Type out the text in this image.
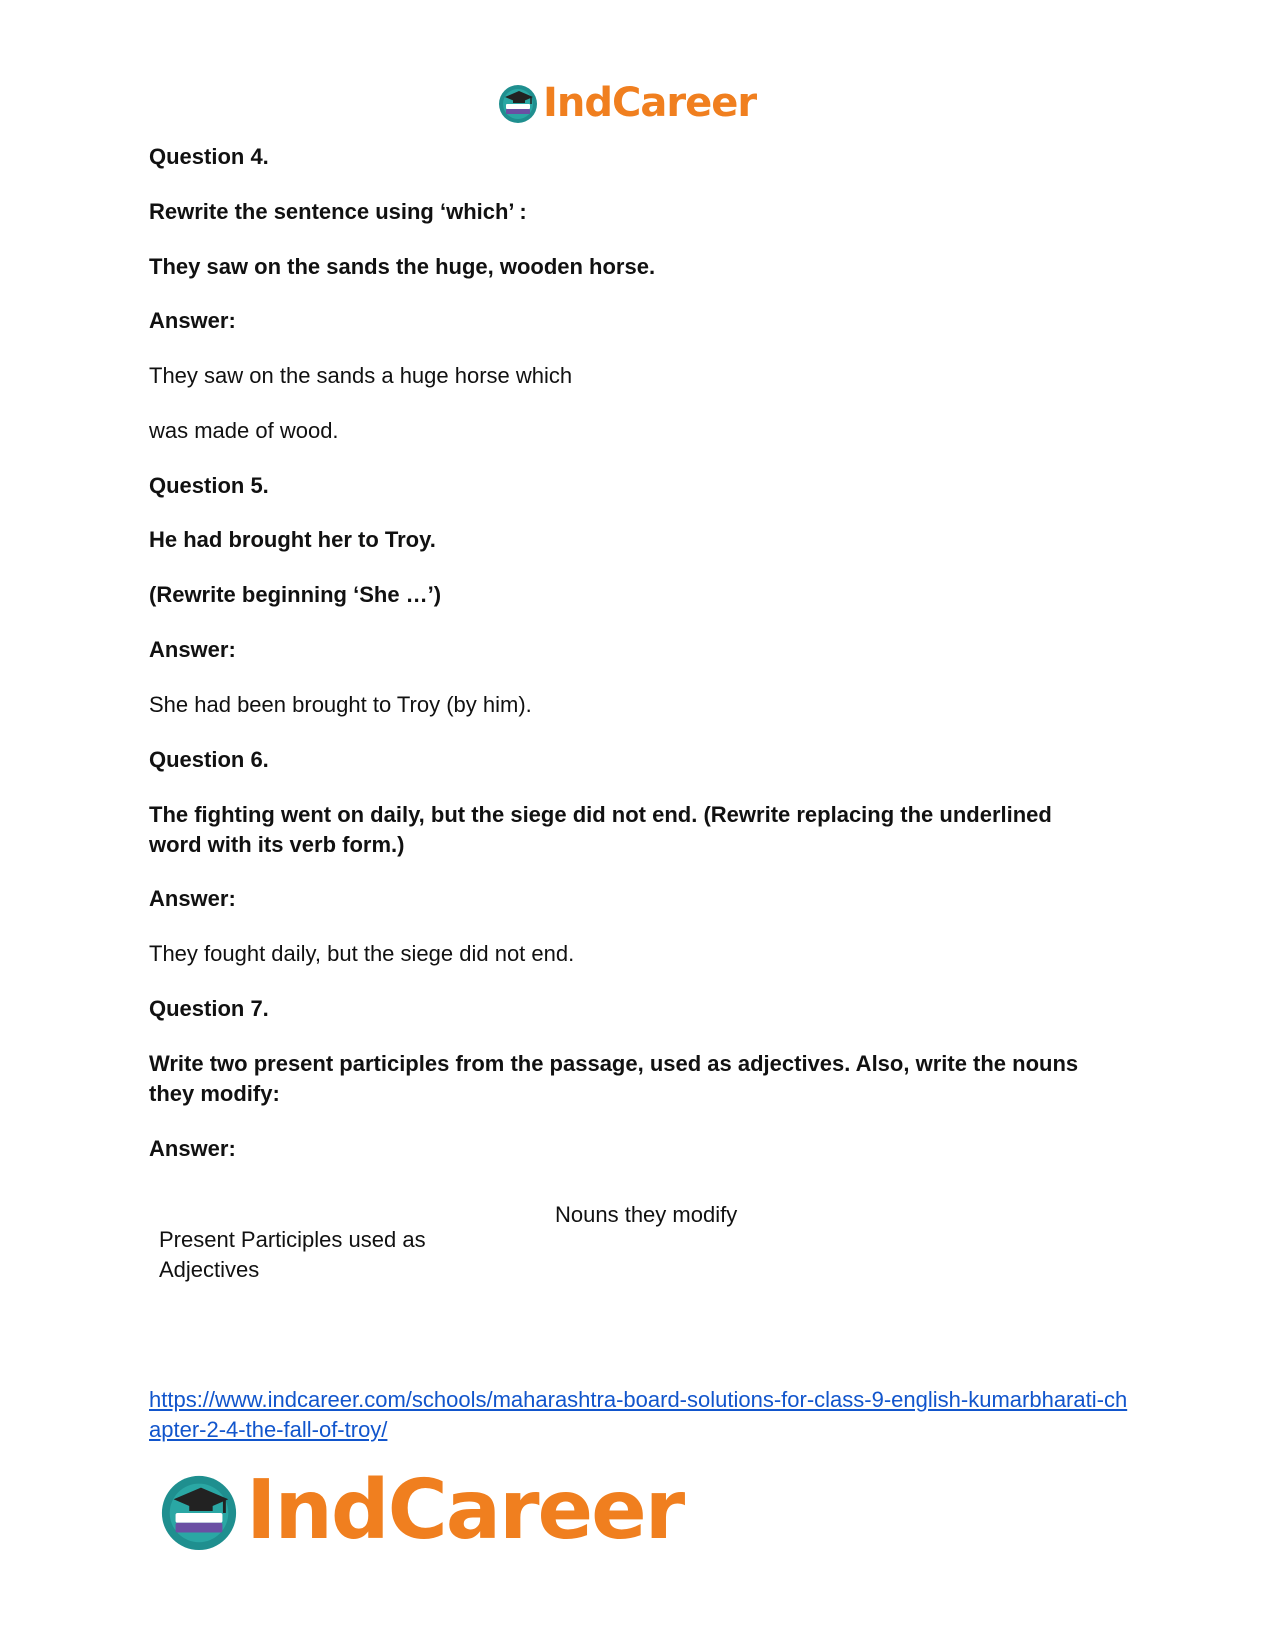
IndCareer
Question 4.
Rewrite the sentence using ‘which’ :
They saw on the sands the huge, wooden horse.
Answer:
They saw on the sands a huge horse which
was made of wood.
Question 5.
He had brought her to Troy.
(Rewrite beginning ‘She …’)
Answer:
She had been brought to Troy (by him).
Question 6.
The fighting went on daily, but the siege did not end. (Rewrite replacing the underlined word with its verb form.)
Answer:
They fought daily, but the siege did not end.
Question 7.
Write two present participles from the passage, used as adjectives. Also, write the nouns they modify:
Answer:
Nouns they modify
Present Participles used as Adjectives
https://www.indcareer.com/schools/maharashtra-board-solutions-for-class-9-english-kumarbharati-chapter-2-4-the-fall-of-troy/
IndCareer
